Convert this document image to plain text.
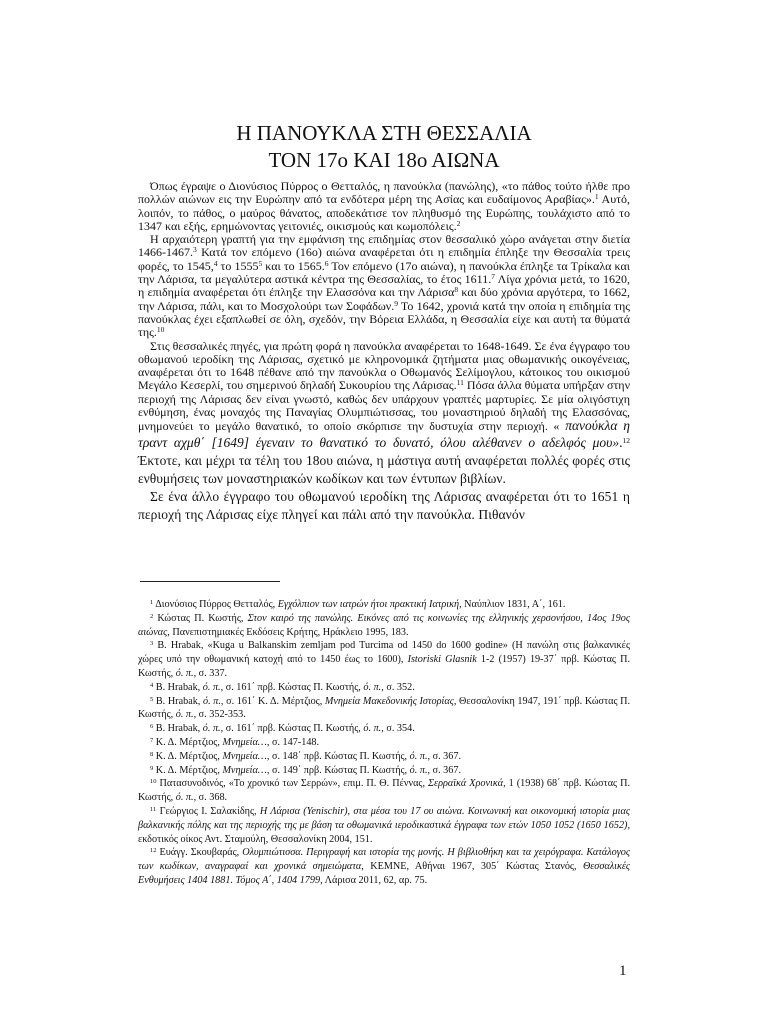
Η ΠΑΝΟΥΚΛΑ ΣΤΗ ΘΕΣΣΑΛΙΑ
ΤΟΝ 17ο ΚΑΙ 18ο ΑΙΩΝΑ

Όπως έγραψε ο Διονύσιος Πύρρος ο Θετταλός, η πανούκλα (πανώλης), «το πάθος τούτο ήλθε προ πολλών αιώνων εις την Ευρώπην από τα ενδότερα μέρη της Ασίας και ευδαίμονος Αραβίας».$^1$ Αυτό, λοιπόν, το πάθος, ο μαύρος θάνατος, αποδεκάτισε τον πληθυσμό της Ευρώπης, τουλάχιστο από το 1347 και εξής, ερημώνοντας γειτονιές, οικισμούς και κωμοπόλεις.$^2$

Η αρχαιότερη γραπτή για την εμφάνιση της επιδημίας στον θεσσαλικό χώρο ανάγεται στην διετία 1466-1467.$^3$ Κατά τον επόμενο (16ο) αιώνα αναφέρεται ότι η επιδημία έπληξε την Θεσσαλία τρεις φορές, το 1545,$^4$ το 1555$^5$ και το 1565.$^6$ Τον επόμενο (17ο αιώνα), η πανούκλα έπληξε τα Τρίκαλα και την Λάρισα, τα μεγαλύτερα αστικά κέντρα της Θεσσαλίας, το έτος 1611.$^7$ Λίγα χρόνια μετά, το 1620, η επιδημία αναφέρεται ότι έπληξε την Ελασσόνα και την Λάρισα$^8$ και δύο χρόνια αργότερα, το 1662, την Λάρισα, πάλι, και το Μοσχολούρι των Σοφάδων.$^9$ Το 1642, χρονιά κατά την οποία η επιδημία της πανούκλας έχει εξαπλωθεί σε όλη, σχεδόν, την Βόρεια Ελλάδα, η Θεσσαλία είχε και αυτή τα θύματά της.$^{10}$

Στις θεσσαλικές πηγές, για πρώτη φορά η πανούκλα αναφέρεται το 1648-1649. Σε ένα έγγραφο του οθωμανού ιεροδίκη της Λάρισας, σχετικό με κληρονομικά ζητήματα μιας οθωμανικής οικογένειας, αναφέρεται ότι το 1648 πέθανε από την πανούκλα ο Οθωμανός Σελίμογλου, κάτοικος του οικισμού Μεγάλο Κεσερλί, του σημερινού δηλαδή Συκουρίου της Λάρισας.$^{11}$ Πόσα άλλα θύματα υπήρξαν στην περιοχή της Λάρισας δεν είναι γνωστό, καθώς δεν υπάρχουν γραπτές μαρτυρίες. Σε μία ολιγόστιχη ενθύμηση, ένας μοναχός της Παναγίας Ολυμπιώτισσας, του μοναστηριού δηλαδή της Ελασσόνας, μνημονεύει το μεγάλο θανατικό, το οποίο σκόρπισε την δυστυχία στην περιοχή. « πανούκλα η τραντ αχμθ΄ [1649] έγεναιν το θανατικό το δυνατό, όλου αλέθανεν ο αδελφός μου».$^{12}$ Έκτοτε, και μέχρι τα τέλη του 18ου αιώνα, η μάστιγα αυτή αναφέρεται πολλές φορές στις ενθυμήσεις των μοναστηριακών κωδίκων και των έντυπων βιβλίων.

Σε ένα άλλο έγγραφο του οθωμανού ιεροδίκη της Λάρισας αναφέρεται ότι το 1651 η περιοχή της Λάρισας είχε πληγεί και πάλι από την πανούκλα. Πιθανόν

$^1$ Διονύσιος Πύρρος Θετταλός, Εγχόλπιον των ιατρών ήτοι πρακτική Ιατρική, Ναύπλιον 1831, Α΄, 161.
$^2$ Κώστας Π. Κωστής, Στον καιρό της πανώλης. Εικόνες από τις κοινωνίες της ελληνικής χερσονήσου, 14ος 19ος αιώνας, Πανεπιστημιακές Εκδόσεις Κρήτης, Ηράκλειο 1995, 183.
$^3$ B. Hrabak, «Kuga u Balkanskim zemljam pod Turcima od 1450 do 1600 godine» (Η πανώλη στις βαλκανικές χώρες υπό την οθωμανική κατοχή από το 1450 έως το 1600), Istoriski Glasnik 1-2 (1957) 19-37΄ πρβ. Κώστας Π. Κωστής, ό. π., σ. 337.
$^4$ B. Hrabak, ό. π., σ. 161΄ πρβ. Κώστας Π. Κωστής, ό. π., σ. 352.
$^5$ B. Hrabak, ό. π., σ. 161΄ Κ. Δ. Μέρτζιος, Μνημεία Μακεδονικής Ιστορίας, Θεσσαλονίκη 1947, 191΄ πρβ. Κώστας Π. Κωστής, ό. π., σ. 352-353.
$^6$ B. Hrabak, ό. π., σ. 161΄ πρβ. Κώστας Π. Κωστής, ό. π., σ. 354.
$^7$ Κ. Δ. Μέρτζιος, Μνημεία…, σ. 147-148.
$^8$ Κ. Δ. Μέρτζιος, Μνημεία…, σ. 148΄ πρβ. Κώστας Π. Κωστής, ό. π., σ. 367.
$^9$ Κ. Δ. Μέρτζιος, Μνημεία…, σ. 149΄ πρβ. Κώστας Π. Κωστής, ό. π., σ. 367.
$^{10}$ Πατασυνοδινός, «Το χρονικό των Σερρών», επιμ. Π. Θ. Πέννας, Σερραϊκά Χρονικά, 1 (1938) 68΄ πρβ. Κώστας Π. Κωστής, ό. π., σ. 368.
$^{11}$ Γεώργιος Ι. Σαλακίδης, Η Λάρισα (Yenischir), στα μέσα του 17 ου αιώνα. Κοινωνική και οικονομική ιστορία μιας βαλκανικής πόλης και της περιοχής της με βάση τα οθωμανικά ιεροδικαστικά έγγραφα των ετών 1050 1052 (1650 1652), εκδοτικός οίκος Αντ. Σταμούλη, Θεσσαλονίκη 2004, 151.
$^{12}$ Ευάγγ. Σκουβαράς, Ολυμπιώτισσα. Περιγραφή και ιστορία της μονής. Η βιβλιοθήκη και τα χειρόγραφα. Κατάλογος των κωδίκων, αναγραφαί και χρονικά σημειώματα, ΚΕΜΝΕ, Αθήναι 1967, 305΄ Κώστας Στανός, Θεσσαλικές Ενθυμήσεις 1404 1881. Τόμος Α΄, 1404 1799, Λάρισα 2011, 62, αρ. 75.
1
